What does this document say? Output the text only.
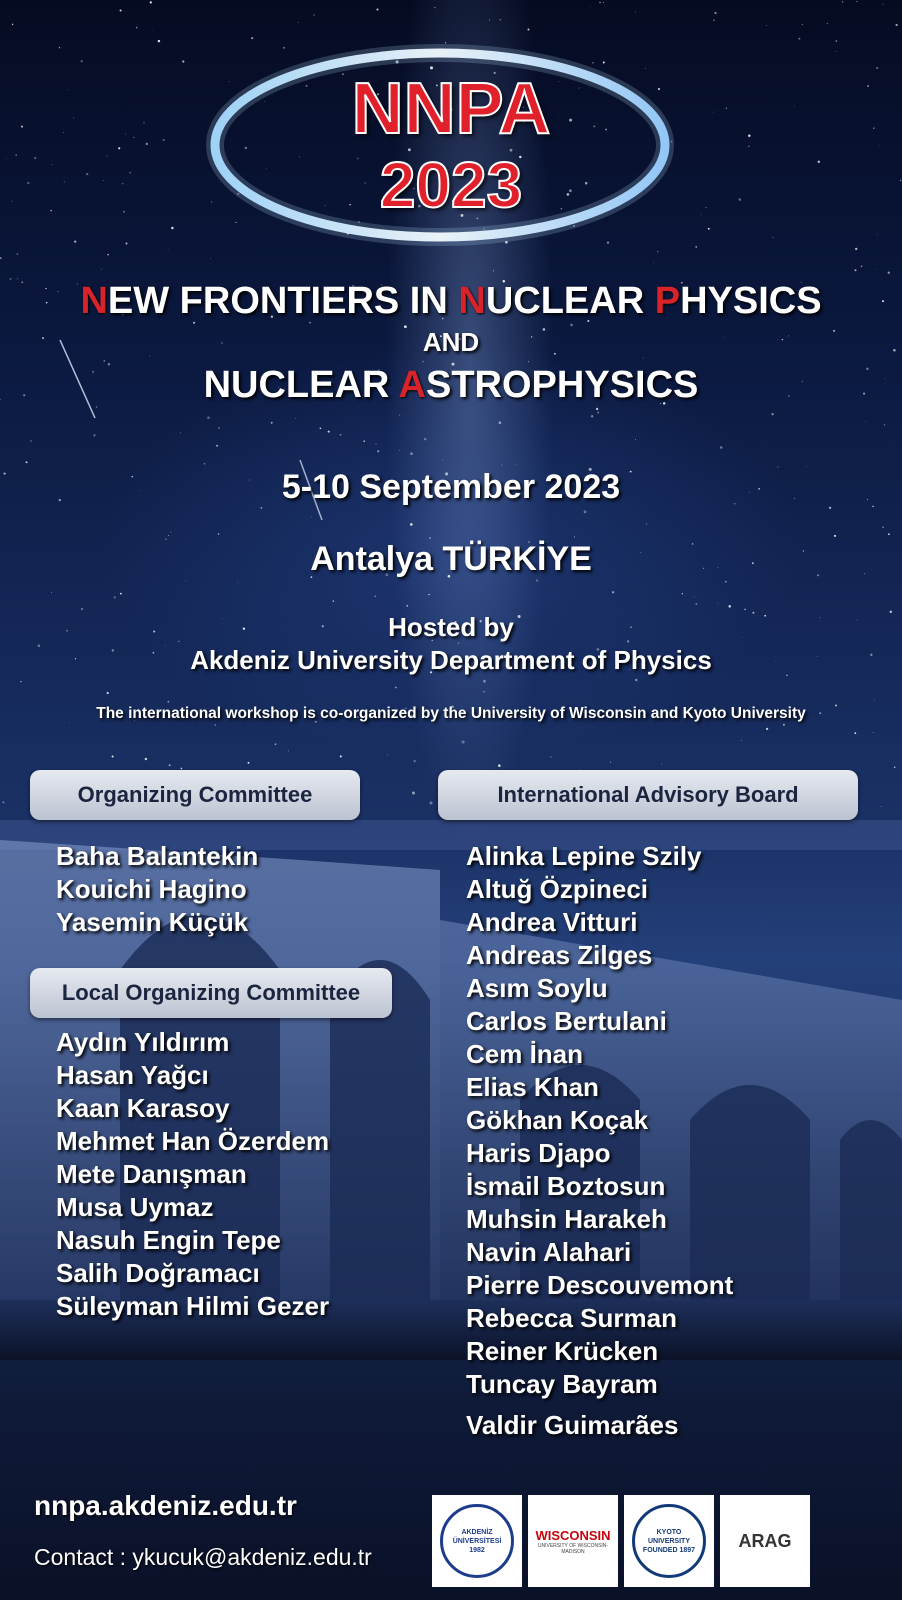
NNPA
2023
NEW FRONTIERS IN NUCLEAR PHYSICS
AND
NUCLEAR ASTROPHYSICS
5-10 September 2023
Antalya TÜRKİYE
Hosted by
Akdeniz University Department of Physics
The international workshop is co-organized by the University of Wisconsin and Kyoto University
Organizing Committee
Baha Balantekin
Kouichi Hagino
Yasemin Küçük
Local Organizing Committee
Aydın Yıldırım
Hasan Yağcı
Kaan Karasoy
Mehmet Han Özerdem
Mete Danışman
Musa Uymaz
Nasuh Engin Tepe
Salih Doğramacı
Süleyman Hilmi Gezer
International Advisory Board
Alinka Lepine Szily
Altuğ Özpineci
Andrea Vitturi
Andreas Zilges
Asım Soylu
Carlos Bertulani
Cem İnan
Elias Khan
Gökhan Koçak
Haris Djapo
İsmail Boztosun
Muhsin Harakeh
Navin Alahari
Pierre Descouvemont
Rebecca Surman
Reiner Krücken
Tuncay Bayram
Valdir Guimarães
nnpa.akdeniz.edu.tr
Contact : ykucuk@akdeniz.edu.tr
AKDENİZ ÜNİVERSİTESİ
1982
WISCONSIN
UNIVERSITY OF WISCONSIN-MADISON
KYOTO UNIVERSITY
FOUNDED 1897 ARAG
